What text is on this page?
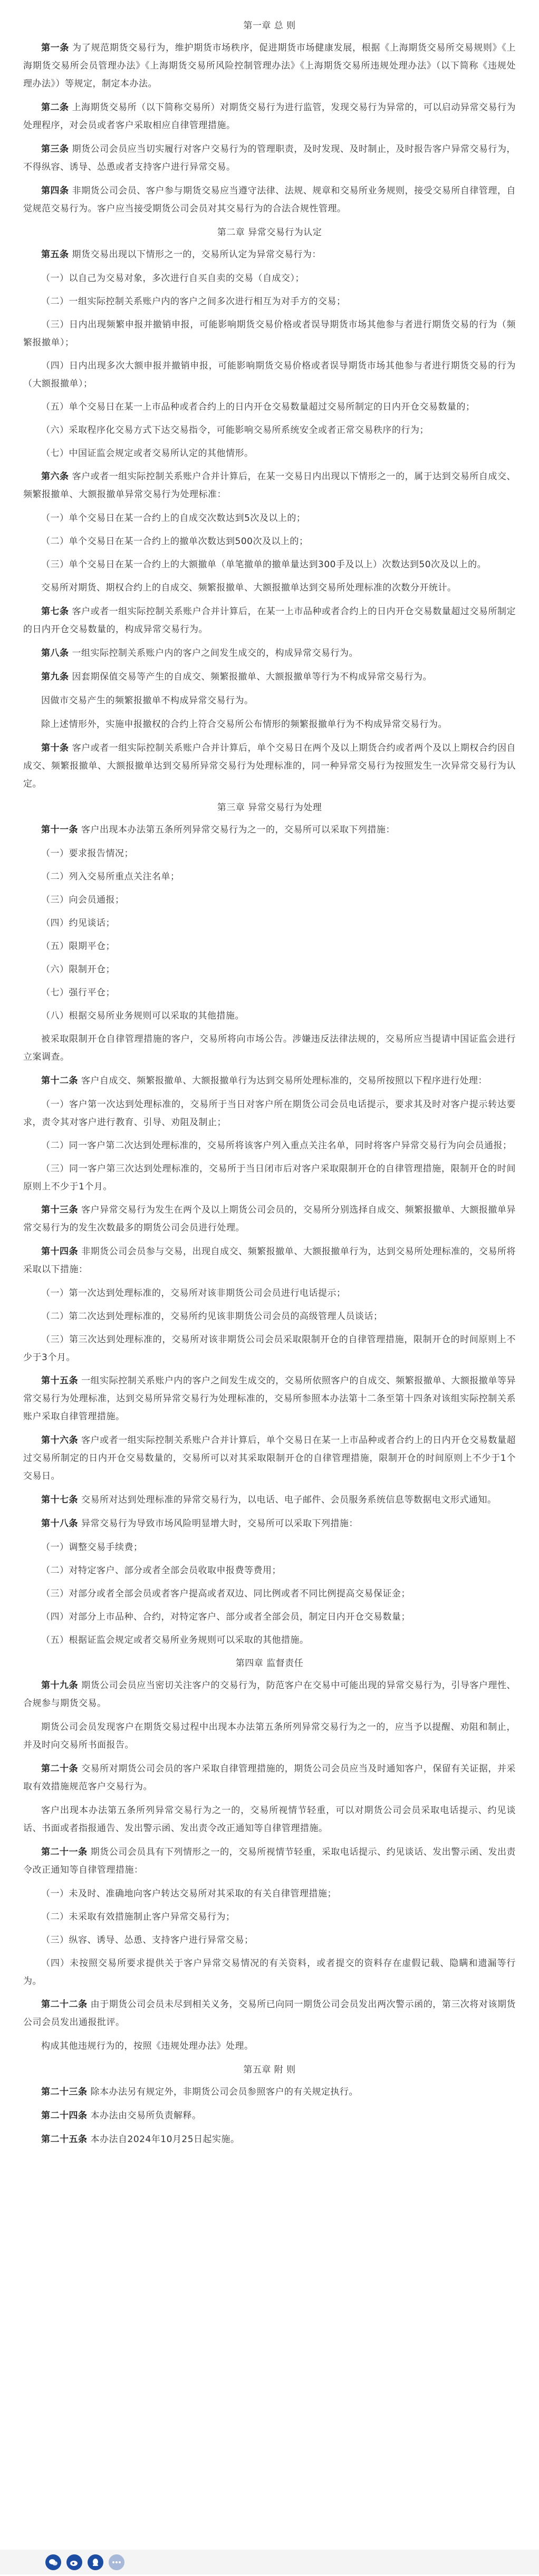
第一章 总 则

第一条 为了规范期货交易行为，维护期货市场秩序，促进期货市场健康发展，根据《上海期货交易所交易规则》《上海期货交易所会员管理办法》《上海期货交易所风险控制管理办法》《上海期货交易所违规处理办法》（以下简称《违规处理办法》）等规定，制定本办法。

第二条 上海期货交易所（以下简称交易所）对期货交易行为进行监管，发现交易行为异常的，可以启动异常交易行为处理程序，对会员或者客户采取相应自律管理措施。

第三条 期货公司会员应当切实履行对客户交易行为的管理职责，及时发现、及时制止，及时报告客户异常交易行为，不得纵容、诱导、怂恿或者支持客户进行异常交易。

第四条 非期货公司会员、客户参与期货交易应当遵守法律、法规、规章和交易所业务规则，接受交易所自律管理，自觉规范交易行为。客户应当接受期货公司会员对其交易行为的合法合规性管理。

第二章 异常交易行为认定

第五条 期货交易出现以下情形之一的，交易所认定为异常交易行为：

（一）以自己为交易对象，多次进行自买自卖的交易（自成交）；

（二）一组实际控制关系账户内的客户之间多次进行相互为对手方的交易；

（三）日内出现频繁申报并撤销申报，可能影响期货交易价格或者误导期货市场其他参与者进行期货交易的行为（频繁报撤单）；

（四）日内出现多次大额申报并撤销申报，可能影响期货交易价格或者误导期货市场其他参与者进行期货交易的行为（大额报撤单）；

（五）单个交易日在某一上市品种或者合约上的日内开仓交易数量超过交易所制定的日内开仓交易数量的；

（六）采取程序化交易方式下达交易指令，可能影响交易所系统安全或者正常交易秩序的行为；

（七）中国证监会规定或者交易所认定的其他情形。

第六条 客户或者一组实际控制关系账户合并计算后，在某一交易日内出现以下情形之一的，属于达到交易所自成交、频繁报撤单、大额报撤单异常交易行为处理标准：

（一）单个交易日在某一合约上的自成交次数达到5次及以上的；

（二）单个交易日在某一合约上的撤单次数达到500次及以上的；

（三）单个交易日在某一合约上的大额撤单（单笔撤单的撤单量达到300手及以上）次数达到50次及以上的。

交易所对期货、期权合约上的自成交、频繁报撤单、大额报撤单达到交易所处理标准的次数分开统计。

第七条 客户或者一组实际控制关系账户合并计算后，在某一上市品种或者合约上的日内开仓交易数量超过交易所制定的日内开仓交易数量的，构成异常交易行为。

第八条 一组实际控制关系账户内的客户之间发生成交的，构成异常交易行为。

第九条 因套期保值交易等产生的自成交、频繁报撤单、大额报撤单等行为不构成异常交易行为。

因做市交易产生的频繁报撤单不构成异常交易行为。

除上述情形外，实施申报撤权的合约上符合交易所公布情形的频繁报撤单行为不构成异常交易行为。

第十条 客户或者一组实际控制关系账户合并计算后，单个交易日在两个及以上期货合约或者两个及以上期权合约因自成交、频繁报撤单、大额报撤单达到交易所异常交易行为处理标准的，同一种异常交易行为按照发生一次异常交易行为认定。

第三章 异常交易行为处理

第十一条 客户出现本办法第五条所列异常交易行为之一的，交易所可以采取下列措施：

（一）要求报告情况；

（二）列入交易所重点关注名单；

（三）向会员通报；

（四）约见谈话；

（五）限期平仓；

（六）限制开仓；

（七）强行平仓；

（八）根据交易所业务规则可以采取的其他措施。

被采取限制开仓自律管理措施的客户，交易所将向市场公告。涉嫌违反法律法规的，交易所应当提请中国证监会进行立案调查。

第十二条 客户自成交、频繁报撤单、大额报撤单行为达到交易所处理标准的，交易所按照以下程序进行处理：

（一）客户第一次达到处理标准的，交易所于当日对客户所在期货公司会员电话提示，要求其及时对客户提示转达要求，责令其对客户进行教育、引导、劝阻及制止；

（二）同一客户第二次达到处理标准的，交易所将该客户列入重点关注名单，同时将客户异常交易行为向会员通报；

（三）同一客户第三次达到处理标准的，交易所于当日闭市后对客户采取限制开仓的自律管理措施，限制开仓的时间原则上不少于1个月。

第十三条 客户异常交易行为发生在两个及以上期货公司会员的，交易所分别选择自成交、频繁报撤单、大额报撤单异常交易行为的发生次数最多的期货公司会员进行处理。

第十四条 非期货公司会员参与交易，出现自成交、频繁报撤单、大额报撤单行为，达到交易所处理标准的，交易所将采取以下措施：

（一）第一次达到处理标准的，交易所对该非期货公司会员进行电话提示；

（二）第二次达到处理标准的，交易所约见该非期货公司会员的高级管理人员谈话；

（三）第三次达到处理标准的，交易所对该非期货公司会员采取限制开仓的自律管理措施，限制开仓的时间原则上不少于3个月。

第十五条 一组实际控制关系账户内的客户之间发生成交的，交易所依照客户的自成交、频繁报撤单、大额报撤单等异常交易行为处理标准，达到交易所异常交易行为处理标准的，交易所参照本办法第十二条至第十四条对该组实际控制关系账户采取自律管理措施。

第十六条 客户或者一组实际控制关系账户合并计算后，单个交易日在某一上市品种或者合约上的日内开仓交易数量超过交易所制定的日内开仓交易数量的，交易所可以对其采取限制开仓的自律管理措施，限制开仓的时间原则上不少于1个交易日。

第十七条 交易所对达到处理标准的异常交易行为，以电话、电子邮件、会员服务系统信息等数据电文形式通知。

第十八条 异常交易行为导致市场风险明显增大时，交易所可以采取下列措施：

（一）调整交易手续费；

（二）对特定客户、部分或者全部会员收取申报费等费用；

（三）对部分或者全部会员或者客户提高或者双边、同比例或者不同比例提高交易保证金；

（四）对部分上市品种、合约，对特定客户、部分或者全部会员，制定日内开仓交易数量；

（五）根据证监会规定或者交易所业务规则可以采取的其他措施。

第四章 监督责任

第十九条 期货公司会员应当密切关注客户的交易行为，防范客户在交易中可能出现的异常交易行为，引导客户理性、合规参与期货交易。

期货公司会员发现客户在期货交易过程中出现本办法第五条所列异常交易行为之一的，应当予以提醒、劝阻和制止，并及时向交易所书面报告。

第二十条 交易所对期货公司会员的客户采取自律管理措施的，期货公司会员应当及时通知客户，保留有关证据，并采取有效措施规范客户交易行为。

客户出现本办法第五条所列异常交易行为之一的，交易所视情节轻重，可以对期货公司会员采取电话提示、约见谈话、书面或者指报通告、发出警示函、发出责令改正通知等自律管理措施。

第二十一条 期货公司会员具有下列情形之一的，交易所视情节轻重，采取电话提示、约见谈话、发出警示函、发出责令改正通知等自律管理措施：

（一）未及时、准确地向客户转达交易所对其采取的有关自律管理措施；

（二）未采取有效措施制止客户异常交易行为；

（三）纵容、诱导、怂恿、支持客户进行异常交易；

（四）未按照交易所要求提供关于客户异常交易情况的有关资料，或者提交的资料存在虚假记载、隐瞒和遗漏等行为。

第二十二条 由于期货公司会员未尽到相关义务，交易所已向同一期货公司会员发出两次警示函的，第三次将对该期货公司会员发出通报批评。

构成其他违规行为的，按照《违规处理办法》处理。

第五章 附 则

第二十三条 除本办法另有规定外，非期货公司会员参照客户的有关规定执行。

第二十四条 本办法由交易所负责解释。

第二十五条 本办法自2024年10月25日起实施。
